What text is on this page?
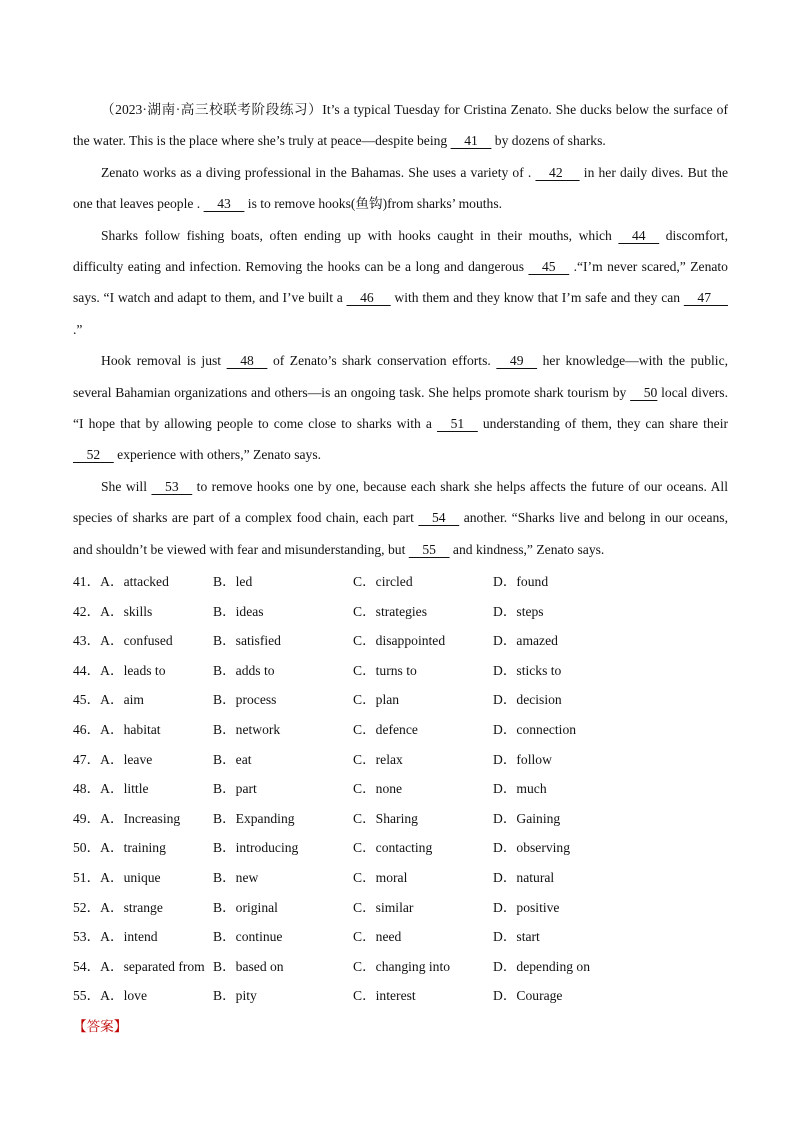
（2023·湖南·高三校联考阶段练习）It’s a typical Tuesday for Cristina Zenato. She ducks below the surface of the water. This is the place where she’s truly at peace—despite being     41     by dozens of sharks.

Zenato works as a diving professional in the Bahamas. She uses a variety of .     42      in her daily dives. But the one that leaves people .     43     is to remove hooks(鱼钩)from sharks’ mouths.

Sharks follow fishing boats, often ending up with hooks caught in their mouths, which     44     discomfort, difficulty eating and infection. Removing the hooks can be a long and dangerous     45     .“I’m never scared,” Zenato says. “I watch and adapt to them, and I’ve built a     46      with them and they know that I’m safe and they can     47      .”

Hook removal is just     48     of Zenato’s shark conservation efforts.     49     her knowledge—with the public, several Bahamian organizations and others—is an ongoing task. She helps promote shark tourism by     50 local divers. “I hope that by allowing people to come close to sharks with a     51     understanding of them, they can share their     52     experience with others,” Zenato says.

She will     53     to remove hooks one by one, because each shark she helps affects the future of our oceans. All species of sharks are part of a complex food chain, each part     54     another. “Sharks live and belong in our oceans, and shouldn’t be viewed with fear and misunderstanding, but     55     and kindness,” Zenato says.

41．A．attacked	B．led	C．circled	D．found
42．A．skills	B．ideas	C．strategies	D．steps
43．A．confused	B．satisfied	C．disappointed	D．amazed
44．A．leads to	B．adds to	C．turns to	D．sticks to
45．A．aim	B．process	C．plan	D．decision
46．A．habitat	B．network	C．defence	D．connection
47．A．leave	B．eat	C．relax	D．follow
48．A．little	B．part	C．none	D．much
49．A．Increasing	B．Expanding	C．Sharing	D．Gaining
50．A．training	B．introducing	C．contacting	D．observing
51．A．unique	B．new	C．moral	D．natural
52．A．strange	B．original	C．similar	D．positive
53．A．intend	B．continue	C．need	D．start
54．A．separated from B．based on	C．changing into	D．depending on
55．A．love	B．pity	C．interest	D．Courage
【答案】
